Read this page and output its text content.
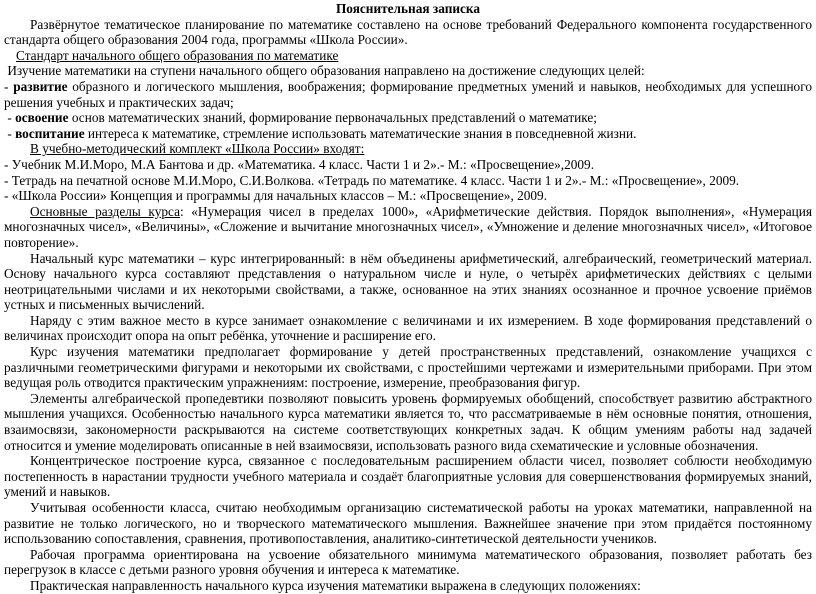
Пояснительная записка

Развёрнутое тематическое планирование по математике составлено на основе требований Федерального компонента государственного стандарта общего образования 2004 года, программы «Школа России».

Стандарт начального общего образования по математике

Изучение математики на ступени начального общего образования направлено на достижение следующих целей:

- развитие образного и логического мышления, воображения; формирование предметных умений и навыков, необходимых для успешного решения учебных и практических задач;

- освоение основ математических знаний, формирование первоначальных представлений о математике;

- воспитание интереса к математике, стремление использовать математические знания в повседневной жизни.

В учебно-методический комплект «Школа России» входят:

- Учебник М.И.Моро, М.А Бантова и др. «Математика. 4 класс. Части 1 и 2».- М.: «Просвещение»,2009.

- Тетрадь на печатной основе М.И.Моро, С.И.Волкова. «Тетрадь по математике. 4 класс. Части 1 и 2».- М.: «Просвещение», 2009.

- «Школа России» Концепция и программы для начальных классов – М.: «Просвещение», 2009.

Основные разделы курса: «Нумерация чисел в пределах 1000», «Арифметические действия. Порядок выполнения», «Нумерация многозначных чисел», «Величины», «Сложение и вычитание многозначных чисел», «Умножение и деление многозначных чисел», «Итоговое повторение».

Начальный курс математики – курс интегрированный: в нём объединены арифметический, алгебраический, геометрический материал. Основу начального курса составляют представления о натуральном числе и нуле, о четырёх арифметических действиях с целыми неотрицательными числами и их некоторыми свойствами, а также, основанное на этих знаниях осознанное и прочное усвоение приёмов устных и письменных вычислений.

Наряду с этим важное место в курсе занимает ознакомление с величинами и их измерением. В ходе формирования представлений о величинах происходит опора на опыт ребёнка, уточнение и расширение его.

Курс изучения математики предполагает формирование у детей пространственных представлений, ознакомление учащихся с различными геометрическими фигурами и некоторыми их свойствами, с простейшими чертежами и измерительными приборами. При этом ведущая роль отводится практическим упражнениям: построение, измерение, преобразования фигур.

Элементы алгебраической пропедевтики позволяют повысить уровень формируемых обобщений, способствует развитию абстрактного мышления учащихся. Особенностью начального курса математики является то, что рассматриваемые в нём основные понятия, отношения, взаимосвязи, закономерности раскрываются на системе соответствующих конкретных задач. К общим умениям работы над задачей относится и умение моделировать описанные в ней взаимосвязи, использовать разного вида схематические и условные обозначения.

Концентрическое построение курса, связанное с последовательным расширением области чисел, позволяет соблюсти необходимую постепенность в нарастании трудности учебного материала и создаёт благоприятные условия для совершенствования формируемых знаний, умений и навыков.

Учитывая особенности класса, считаю необходимым организацию систематической работы на уроках математики, направленной на развитие не только логического, но и творческого математического мышления. Важнейшее значение при этом придаётся постоянному использованию сопоставления, сравнения, противопоставления, аналитико-синтетической деятельности учеников.

Рабочая программа ориентирована на усвоение обязательного минимума математического образования, позволяет работать без перегрузок в классе с детьми разного уровня обучения и интереса к математике.

Практическая направленность начального курса изучения математики выражена в следующих положениях:
